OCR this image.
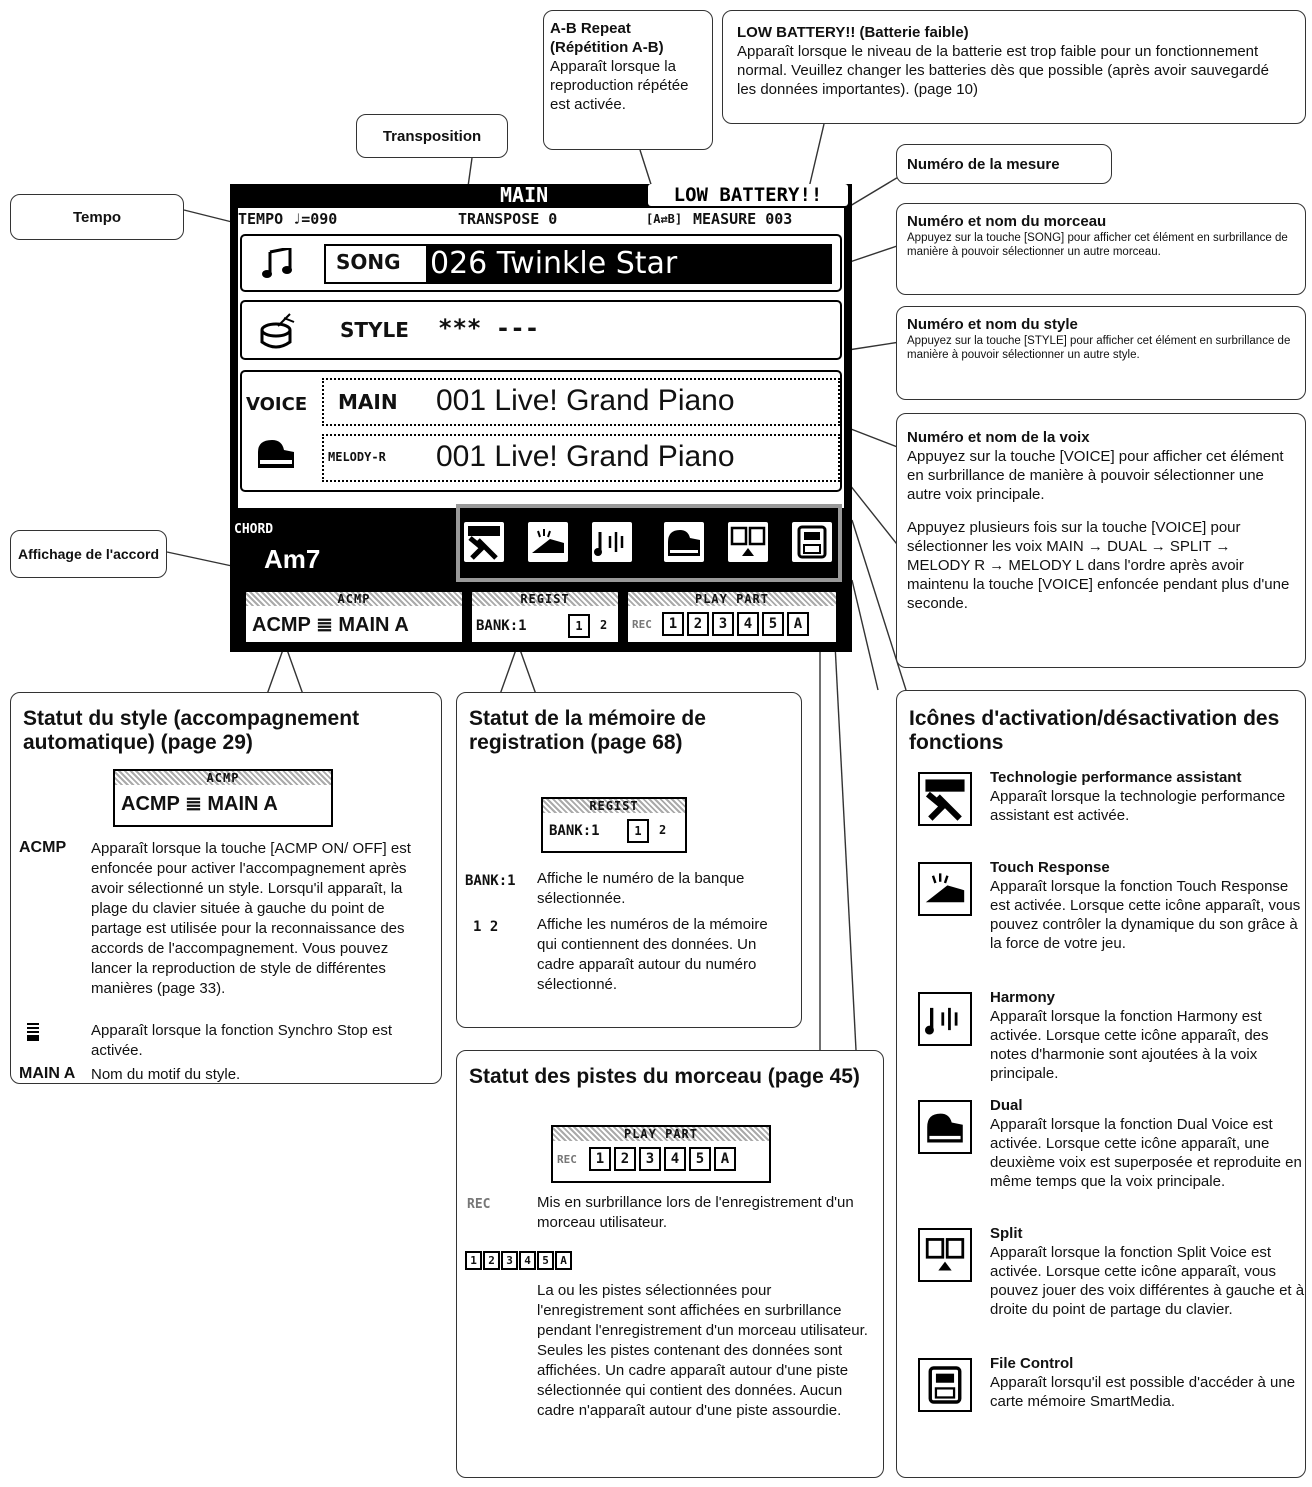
Tempo
Transposition
A-B Repeat (Répétition A-B)
Apparaît lorsque la reproduction répétée est activée.
LOW BATTERY!! (Batterie faible)
Apparaît lorsque le niveau de la batterie est trop faible pour un fonctionnement normal. Veuillez changer les batteries dès que possible (après avoir sauvegardé les données importantes). (page 10)
Numéro de la mesure
Numéro et nom du morceau
Appuyez sur la touche [SONG] pour afficher cet élément en surbrillance de manière à pouvoir sélectionner un autre morceau.
Numéro et nom du style
Appuyez sur la touche [STYLE] pour afficher cet élément en surbrillance de manière à pouvoir sélectionner un autre style.
Numéro et nom de la voix
Appuyez sur la touche [VOICE] pour afficher cet élément en surbrillance de manière à pouvoir sélectionner une autre voix principale.
Appuyez plusieurs fois sur la touche [VOICE] pour sélectionner les voix MAIN → DUAL → SPLIT → MELODY R → MELODY L dans l'ordre après avoir maintenu la touche [VOICE] enfoncée pendant plus d'une seconde.
Affichage de l'accord
MAIN	LOW BATTERY!!
TEMPO ♩=090	TRANSPOSE 0	[A⇄B] MEASURE 003
SONG 026 Twinkle Star
STYLE *** ---
VOICE MAIN 001 Live! Grand Piano
MELODY-R 001 Live! Grand Piano
CHORD
Am7
ACMP
ACMP ≣ MAIN A
REGIST
BANK:1	1	2
PLAY PART
REC	1 2 3 4 5 A
Statut du style (accompagnement automatique) (page 29)
ACMP
ACMP ≣ MAIN A
ACMP Apparaît lorsque la touche [ACMP ON/ OFF] est enfoncée pour activer l'accompagnement après avoir sélectionné un style. Lorsqu'il apparaît, la plage du clavier située à gauche du point de partage est utilisée pour la reconnaissance des accords de l'accompagnement. Vous pouvez lancer la reproduction de style de différentes manières (page 33).
Apparaît lorsque la fonction Synchro Stop est activée.
MAIN A Nom du motif du style.
Statut de la mémoire de registration (page 68)
REGIST
BANK:1	1	2
BANK:1 Affiche le numéro de la banque sélectionnée.
1 2	Affiche les numéros de la mémoire qui contiennent des données. Un cadre apparaît autour du numéro sélectionné.
Statut des pistes du morceau (page 45)
PLAY PART
REC	1 2 3 4 5 A
REC	Mis en surbrillance lors de l'enregistrement d'un morceau utilisateur.
1 2 3 4 5 A
La ou les pistes sélectionnées pour l'enregistrement sont affichées en surbrillance pendant l'enregistrement d'un morceau utilisateur. Seules les pistes contenant des données sont affichées. Un cadre apparaît autour d'une piste sélectionnée qui contient des données. Aucun cadre n'apparaît autour d'une piste assourdie.
Icônes d'activation/désactivation des fonctions
Technologie performance assistant
Apparaît lorsque la technologie performance assistant est activée.
Touch Response
Apparaît lorsque la fonction Touch Response est activée. Lorsque cette icône apparaît, vous pouvez contrôler la dynamique du son grâce à la force de votre jeu.
Harmony
Apparaît lorsque la fonction Harmony est activée. Lorsque cette icône apparaît, des notes d'harmonie sont ajoutées à la voix principale.
Dual
Apparaît lorsque la fonction Dual Voice est activée. Lorsque cette icône apparaît, une deuxième voix est superposée et reproduite en même temps que la voix principale.
Split
Apparaît lorsque la fonction Split Voice est activée. Lorsque cette icône apparaît, vous pouvez jouer des voix différentes à gauche et à droite du point de partage du clavier.
File Control
Apparaît lorsqu'il est possible d'accéder à une carte mémoire SmartMedia.
